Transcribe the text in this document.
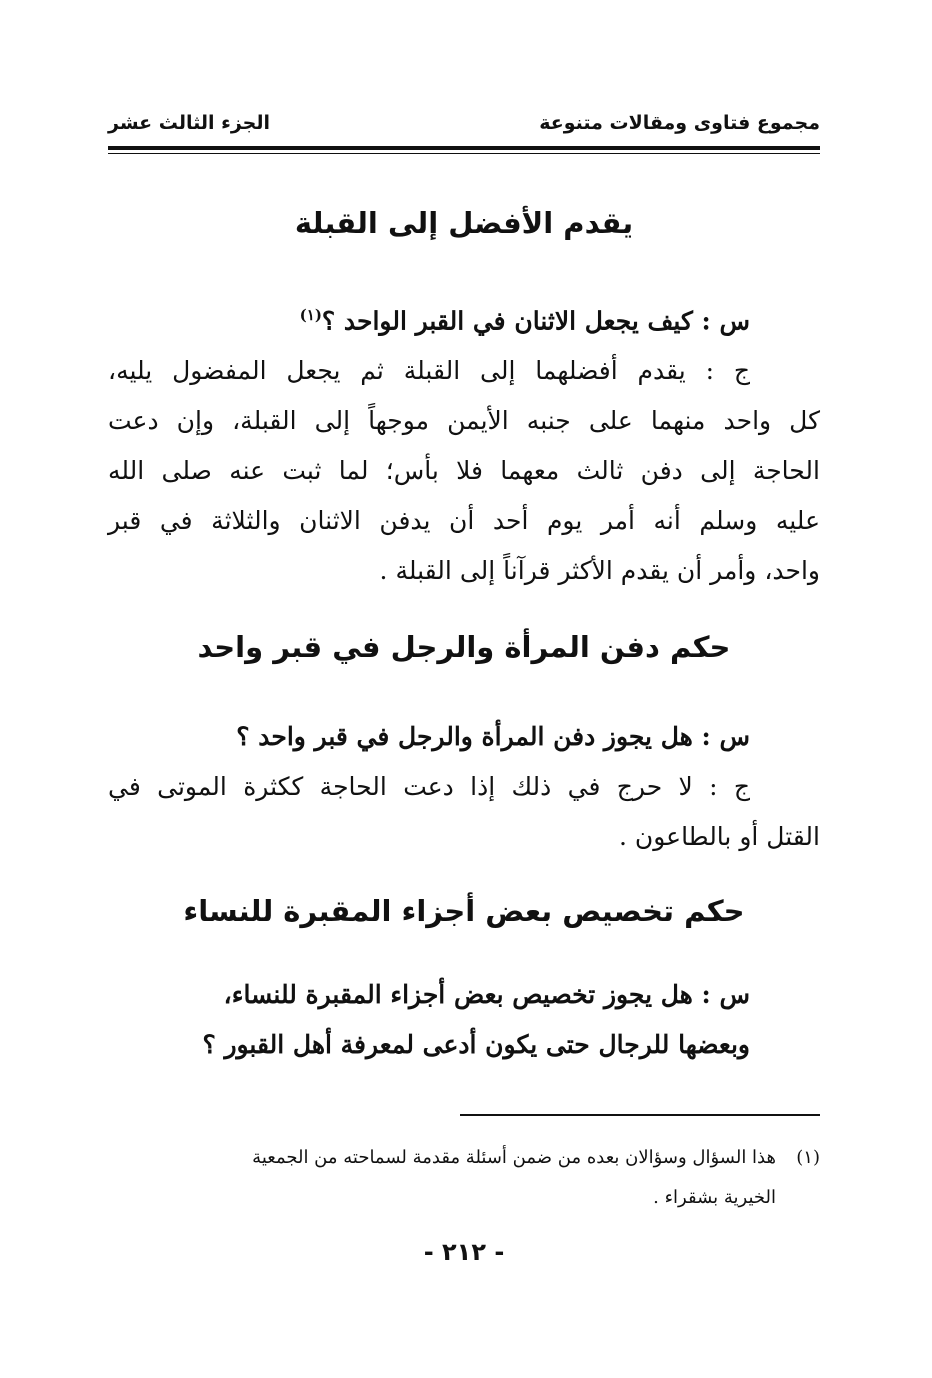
مجموع فتاوى ومقالات متنوعة
الجزء الثالث عشر
يقدم الأفضل إلى القبلة
س : كيف يجعل الاثنان في القبر الواحد ؟$^{(١)}$
ج : يقدم أفضلهما إلى القبلة ثم يجعل المفضول يليه،
كل واحد منهما على جنبه الأيمن موجهاً إلى القبلة، وإن دعت
الحاجة إلى دفن ثالث معهما فلا بأس؛ لما ثبت عنه صلى الله
عليه وسلم أنه أمر يوم أحد أن يدفن الاثنان والثلاثة في قبر
واحد، وأمر أن يقدم الأكثر قرآناً إلى القبلة .
حكم دفن المرأة والرجل في قبر واحد
س : هل يجوز دفن المرأة والرجل في قبر واحد ؟
ج : لا حرج في ذلك إذا دعت الحاجة ككثرة الموتى في
القتل أو بالطاعون .
حكم تخصيص بعض أجزاء المقبرة للنساء
س : هل يجوز تخصيص بعض أجزاء المقبرة للنساء،
وبعضها للرجال حتى يكون أدعى لمعرفة أهل القبور ؟
(١)هذا السؤال وسؤالان بعده من ضمن أسئلة مقدمة لسماحته من الجمعية
الخيرية بشقراء .
- ٢١٢ -
